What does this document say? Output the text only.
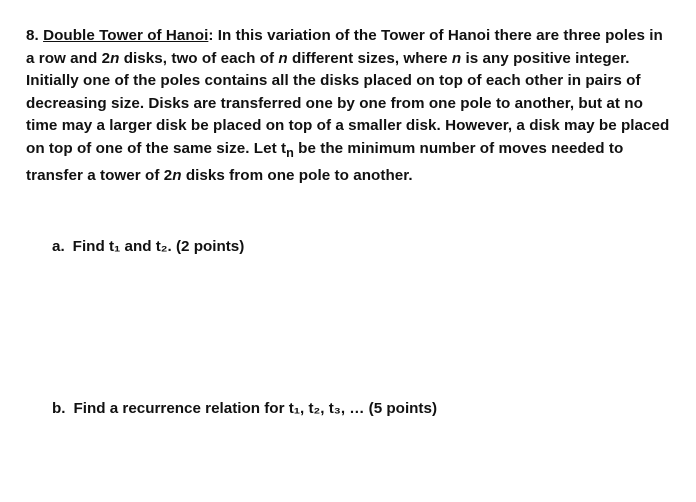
8. Double Tower of Hanoi: In this variation of the Tower of Hanoi there are three poles in a row and 2n disks, two of each of n different sizes, where n is any positive integer. Initially one of the poles contains all the disks placed on top of each other in pairs of decreasing size. Disks are transferred one by one from one pole to another, but at no time may a larger disk be placed on top of a smaller disk. However, a disk may be placed on top of one of the same size. Let $t_n$ be the minimum number of moves needed to transfer a tower of 2n disks from one pole to another.

a. Find t₁ and t₂. (2 points)

b. Find a recurrence relation for t₁, t₂, t₃, … (5 points)
